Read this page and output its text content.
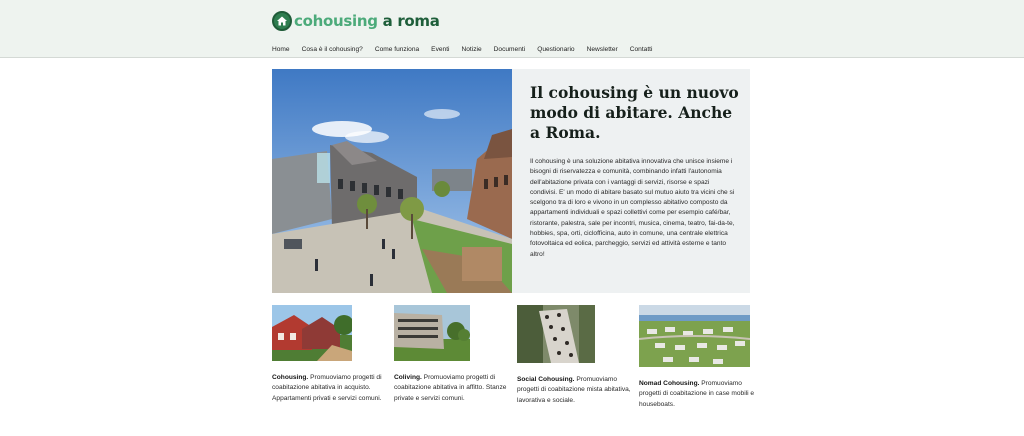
cohousing a roma
Home Cosa è il cohousing? Come funziona Eventi Notizie Documenti Questionario Newsletter Contatti
Il cohousing è un nuovo modo di abitare. Anche a Roma.
Il cohousing è una soluzione abitativa innovativa che unisce insieme i bisogni di riservatezza e comunità, combinando infatti l'autonomia dell'abitazione privata con i vantaggi di servizi, risorse e spazi condivisi. E' un modo di abitare basato sul mutuo aiuto tra vicini che si scelgono tra di loro e vivono in un complesso abitativo composto da appartamenti individuali e spazi collettivi come per esempio café/bar, ristorante, palestra, sale per incontri, musica, cinema, teatro, fai-da-te, hobbies, spa, orti, ciclofficina, auto in comune, una centrale elettrica fotovoltaica ed eolica, parcheggio, servizi ed attività esterne e tanto altro!
Cohousing. Promuoviamo progetti di coabitazione abitativa in acquisto. Appartamenti privati e servizi comuni.
Coliving. Promuoviamo progetti di coabitazione abitativa in affitto. Stanze private e servizi comuni.
Social Cohousing. Promuoviamo progetti di coabitazione mista abitativa, lavorativa e sociale.
Nomad Cohousing. Promuoviamo progetti di coabitazione in case mobili e houseboats.
